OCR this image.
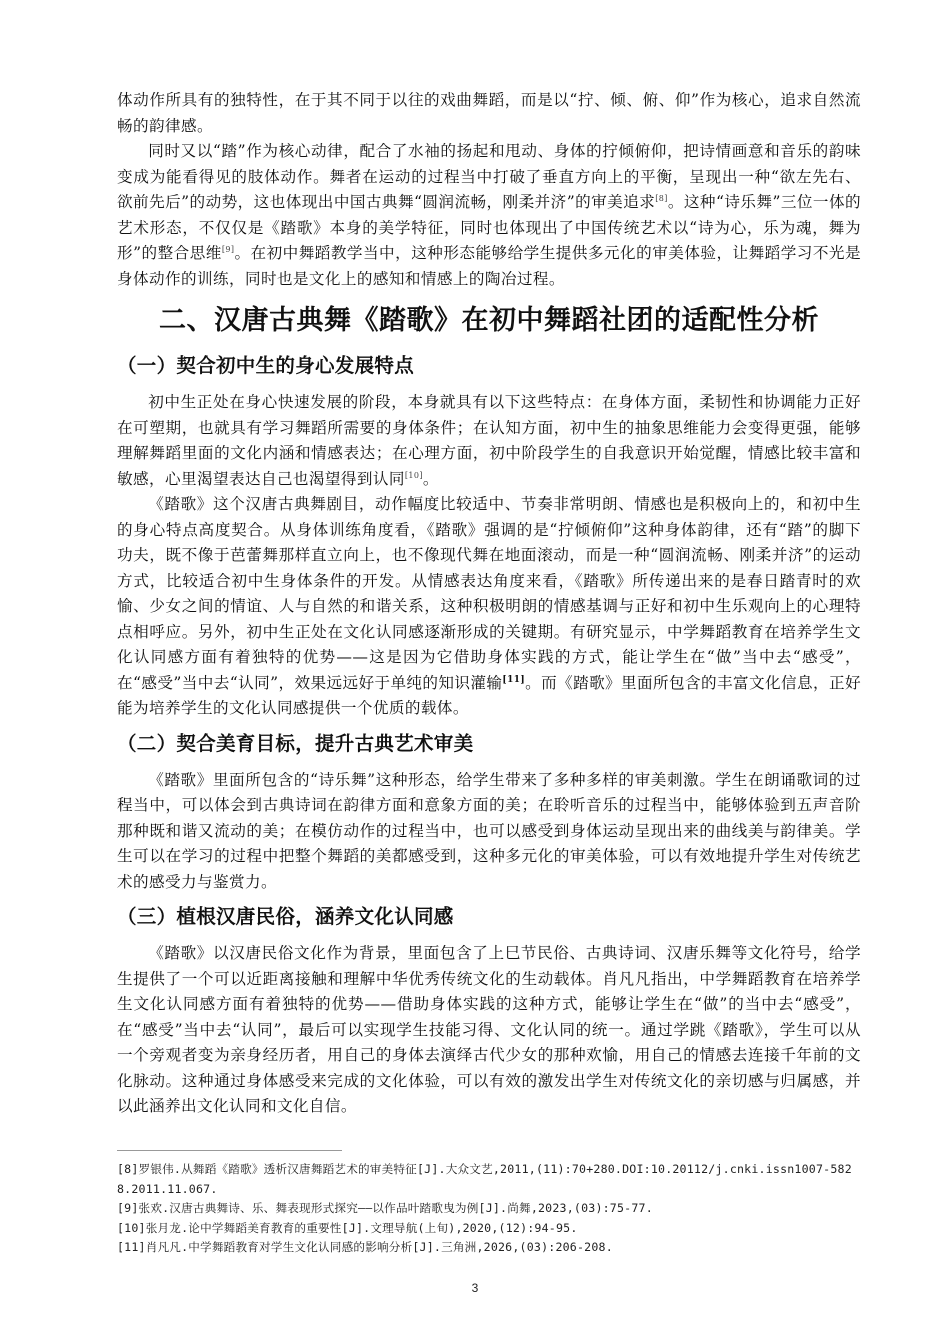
体动作所具有的独特性，在于其不同于以往的戏曲舞蹈，而是以“拧、倾、俯、仰”作为核心，追求自然流畅的韵律感。

同时又以“踏”作为核心动律，配合了水袖的扬起和甩动、身体的拧倾俯仰，把诗情画意和音乐的韵味变成为能看得见的肢体动作。舞者在运动的过程当中打破了垂直方向上的平衡，呈现出一种“欲左先右、欲前先后”的动势，这也体现出中国古典舞“圆润流畅，刚柔并济”的审美追求[8]。这种“诗乐舞”三位一体的艺术形态，不仅仅是《踏歌》本身的美学特征，同时也体现出了中国传统艺术以“诗为心，乐为魂，舞为形”的整合思维[9]。在初中舞蹈教学当中，这种形态能够给学生提供多元化的审美体验，让舞蹈学习不光是身体动作的训练，同时也是文化上的感知和情感上的陶冶过程。

二、汉唐古典舞《踏歌》在初中舞蹈社团的适配性分析
（一）契合初中生的身心发展特点

初中生正处在身心快速发展的阶段，本身就具有以下这些特点：在身体方面，柔韧性和协调能力正好在可塑期，也就具有学习舞蹈所需要的身体条件；在认知方面，初中生的抽象思维能力会变得更强，能够理解舞蹈里面的文化内涵和情感表达；在心理方面，初中阶段学生的自我意识开始觉醒，情感比较丰富和敏感，心里渴望表达自己也渴望得到认同[10]。

《踏歌》这个汉唐古典舞剧目，动作幅度比较适中、节奏非常明朗、情感也是积极向上的，和初中生的身心特点高度契合。从身体训练角度看，《踏歌》强调的是“拧倾俯仰”这种身体韵律，还有“踏”的脚下功夫，既不像于芭蕾舞那样直立向上，也不像现代舞在地面滚动，而是一种“圆润流畅、刚柔并济”的运动方式，比较适合初中生身体条件的开发。从情感表达角度来看，《踏歌》所传递出来的是春日踏青时的欢愉、少女之间的情谊、人与自然的和谐关系，这种积极明朗的情感基调与正好和初中生乐观向上的心理特点相呼应。另外，初中生正处在文化认同感逐渐形成的关键期。有研究显示，中学舞蹈教育在培养学生文化认同感方面有着独特的优势——这是因为它借助身体实践的方式，能让学生在“做”当中去“感受”，在“感受”当中去“认同”，效果远远好于单纯的知识灌输[11]。而《踏歌》里面所包含的丰富文化信息，正好能为培养学生的文化认同感提供一个优质的载体。

（二）契合美育目标，提升古典艺术审美

《踏歌》里面所包含的“诗乐舞”这种形态，给学生带来了多种多样的审美刺激。学生在朗诵歌词的过程当中，可以体会到古典诗词在韵律方面和意象方面的美；在聆听音乐的过程当中，能够体验到五声音阶那种既和谐又流动的美；在模仿动作的过程当中，也可以感受到身体运动呈现出来的曲线美与韵律美。学生可以在学习的过程中把整个舞蹈的美都感受到，这种多元化的审美体验，可以有效地提升学生对传统艺术的感受力与鉴赏力。

（三）植根汉唐民俗，涵养文化认同感

《踏歌》以汉唐民俗文化作为背景，里面包含了上巳节民俗、古典诗词、汉唐乐舞等文化符号，给学生提供了一个可以近距离接触和理解中华优秀传统文化的生动载体。肖凡凡指出，中学舞蹈教育在培养学生文化认同感方面有着独特的优势——借助身体实践的这种方式，能够让学生在“做”的当中去“感受”，在“感受”当中去“认同”，最后可以实现学生技能习得、文化认同的统一。通过学跳《踏歌》，学生可以从一个旁观者变为亲身经历者，用自己的身体去演绎古代少女的那种欢愉，用自己的情感去连接千年前的文化脉动。这种通过身体感受来完成的文化体验，可以有效的激发出学生对传统文化的亲切感与归属感，并以此涵养出文化认同和文化自信。

[8]罗银伟.从舞蹈《踏歌》透析汉唐舞蹈艺术的审美特征[J].大众文艺,2011,(11):70+280.DOI:10.20112/j.cnki.issn1007-5828.2011.11.067.

[9]张欢.汉唐古典舞诗、乐、舞表现形式探究——以作品叶踏歌曳为例[J].尚舞,2023,(03):75-77.

[10]张月龙.论中学舞蹈美育教育的重要性[J].文理导航(上旬),2020,(12):94-95.

[11]肖凡凡.中学舞蹈教育对学生文化认同感的影响分析[J].三角洲,2026,(03):206-208.

3
